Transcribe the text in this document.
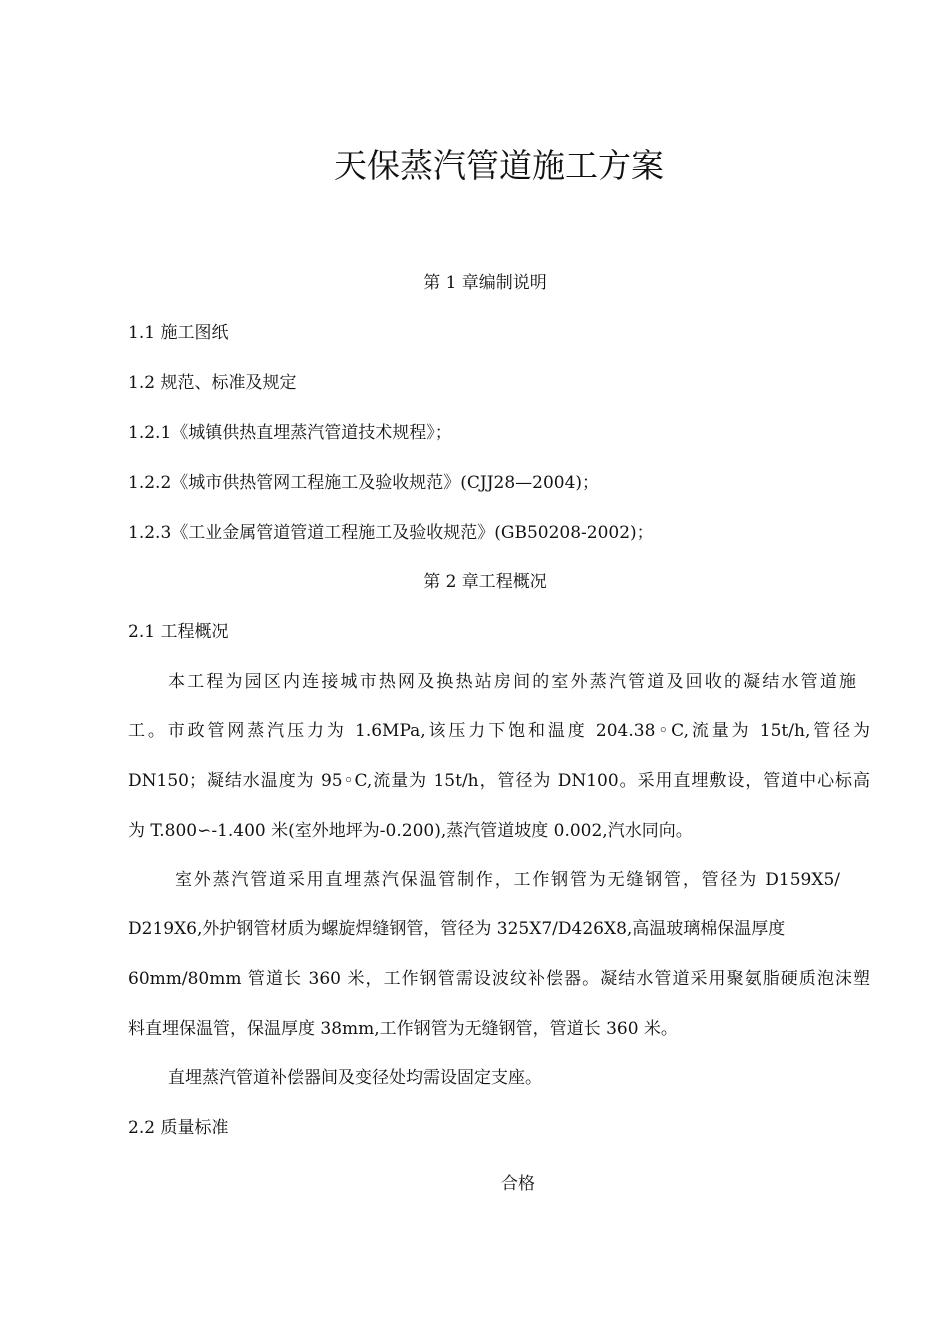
天保蒸汽管道施工方案
第 1 章编制说明
1.1 施工图纸
1.2 规范、标准及规定
1.2.1《城镇供热直埋蒸汽管道技术规程》；
1.2.2《城市供热管网工程施工及验收规范》(CJJ28—2004)；
1.2.3《工业金属管道管道工程施工及验收规范》(GB50208-2002)；
第 2 章工程概况
2.1 工程概况
本工程为园区内连接城市热网及换热站房间的室外蒸汽管道及回收的凝结水管道施
工。市政管网蒸汽压力为 1.6MPa,该压力下饱和温度 204.38◦C,流量为 15t/h,管径为
DN150；凝结水温度为 95◦C,流量为 15t/h，管径为 DN100。采用直埋敷设，管道中心标高
为 T.800∽-1.400 米(室外地坪为-0.200),蒸汽管道坡度 0.002,汽水同向。
室外蒸汽管道采用直埋蒸汽保温管制作，工作钢管为无缝钢管，管径为 D159X5/
D219X6,外护钢管材质为螺旋焊缝钢管，管径为 325X7/D426X8,高温玻璃棉保温厚度
60mm/80mm 管道长 360 米，工作钢管需设波纹补偿器。凝结水管道采用聚氨脂硬质泡沫塑
料直埋保温管，保温厚度 38mm,工作钢管为无缝钢管，管道长 360 米。
直埋蒸汽管道补偿器间及变径处均需设固定支座。
2.2 质量标准
合格
